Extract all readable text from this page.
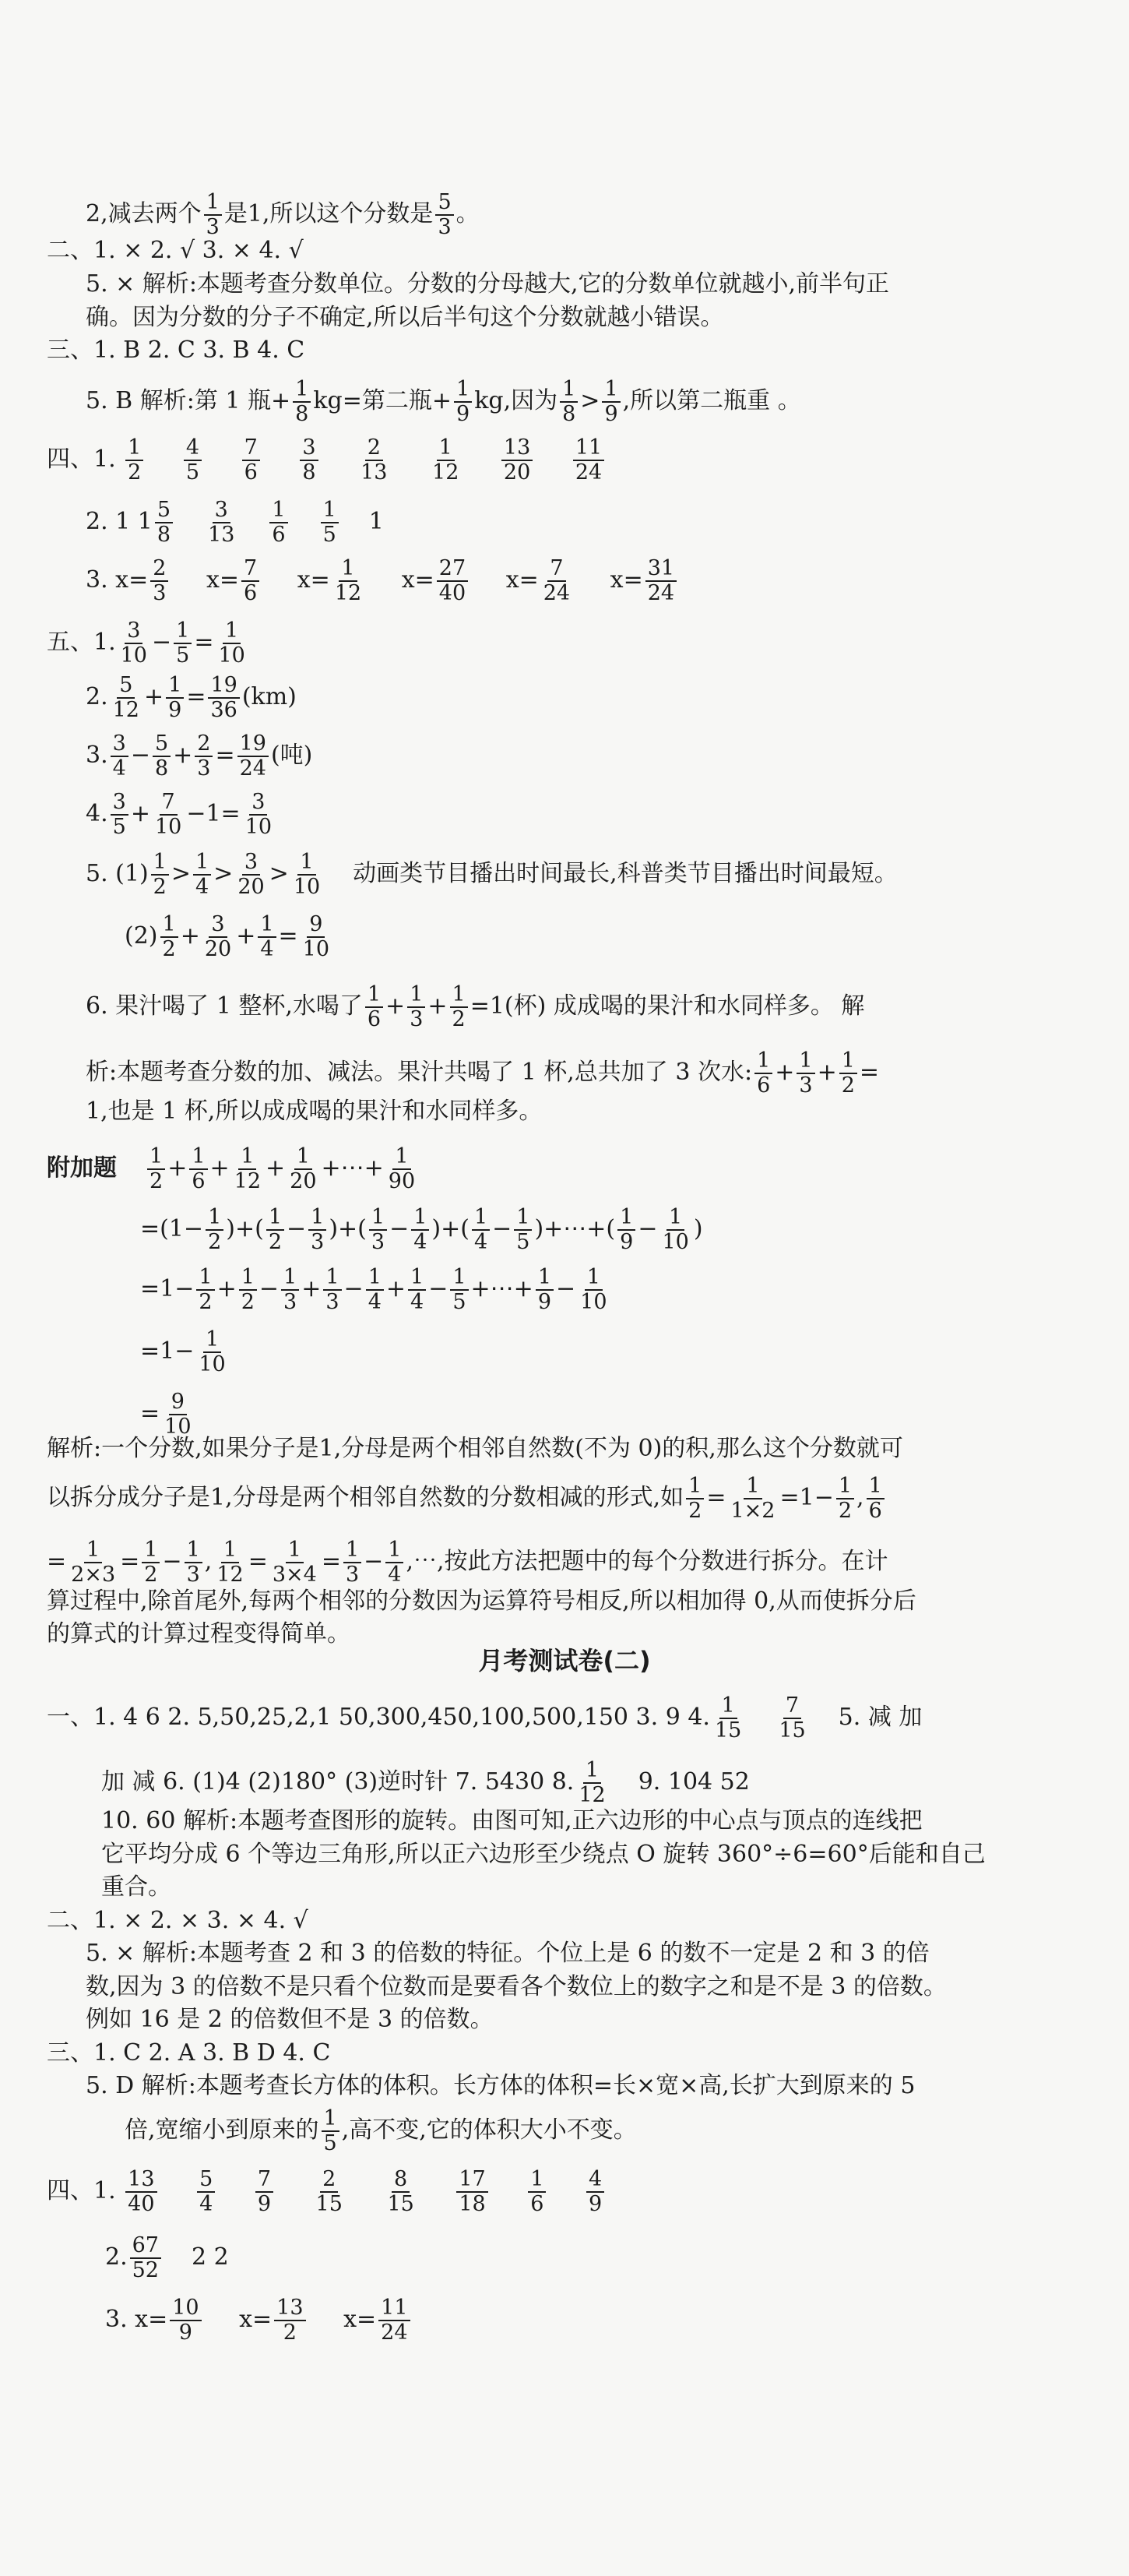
2,减去两个 $\frac{1}{3}$ 是1,所以这个分数是 $\frac{5}{3}$ 。
二、1. × 2. √ 3. × 4. √
5. × 解析:本题考查分数单位。分数的分母越大,它的分数单位就越小,前半句正
确。因为分数的分子不确定,所以后半句这个分数就越小错误。
三、1. B 2. C 3. B 4. C
5. B 解析:第 1 瓶+ $\frac{1}{8} kg=$第二瓶+ $\frac{1}{9}$ kg,因为 $\frac{1}{8} > \frac{1}{9}$ ,所以第二瓶重 。
四、1. $\frac{1}{2}$
$\frac{4}{5}$
$\frac{7}{6}$
$\frac{3}{8}$
$\frac{2}{13}$
$\frac{1}{12}$
$\frac{13}{20}$
$\frac{11}{24}$
2. 1 $1 \frac{5}{8} \frac{3}{13} \frac{1}{6} \frac{1}{5} 1$
3. $x= \frac{2}{3} x= \frac{7}{6} x= \frac{1}{12} x= \frac{27}{40} x= \frac{7}{24} x= \frac{31}{24}$
五、1. $\frac{3}{10} - \frac{1}{5} = \frac{1}{10}$
2. $\frac{5}{12} + \frac{1}{9} = \frac{19}{36} (km)$
3. $\frac{3}{4} - \frac{5}{8} + \frac{2}{3} = \frac{19}{24}$ (吨)
4. $\frac{3}{5} + \frac{7}{10} -1= \frac{3}{10}$
5. $(1) \frac{1}{2} > \frac{1}{4} > \frac{3}{20} > \frac{1}{10}$ 动画类节目播出时间最长,科普类节目播出时间最短。
$(2) \frac{1}{2} + \frac{3}{20} + \frac{1}{4} = \frac{9}{10}$
6. 果汁喝了 1 整杯,水喝了 $\frac{1}{6} + \frac{1}{3} + \frac{1}{2} =1$(杯) 成成喝的果汁和水同样多。 解
析:本题考查分数的加、减法。果汁共喝了 1 杯,总共加了 3 次水: $\frac{1}{6} + \frac{1}{3} + \frac{1}{2}$ =
1,也是 1 杯,所以成成喝的果汁和水同样多。
附加题 $\frac{1}{2} + \frac{1}{6} + \frac{1}{12} + \frac{1}{20}$ +⋯+ $\frac{1}{90}$
$=(1- \frac{1}{2}$ )+( $\frac{1}{2} - \frac{1}{3}$ )+( $\frac{1}{3} - \frac{1}{4}$ )+( $\frac{1}{4} - \frac{1}{5}$ )+⋯+( $\frac{1}{9} - \frac{1}{10}$ )
$=1- \frac{1}{2} + \frac{1}{2} - \frac{1}{3} + \frac{1}{3} - \frac{1}{4} + \frac{1}{4} - \frac{1}{5}$ +⋯+ $\frac{1}{9} - \frac{1}{10}$
$=1- \frac{1}{10}$
= $\frac{9}{10}$
解析:一个分数,如果分子是1,分母是两个相邻自然数(不为 0)的积,那么这个分数就可
以拆分成分子是1,分母是两个相邻自然数的分数相减的形式,如 $\frac{1}{2} = \frac{1}{1\times 2} =1- \frac{1}{2}$ , $\frac{1}{6}$
= $\frac{1}{2\times 3} = \frac{1}{2} - \frac{1}{3}$ , $\frac{1}{12} = \frac{1}{3\times 4} = \frac{1}{3} - \frac{1}{4}$ ,⋯,按此方法把题中的每个分数进行拆分。在计
算过程中,除首尾外,每两个相邻的分数因为运算符号相反,所以相加得 0,从而使拆分后
的算式的计算过程变得简单。
月考测试卷(二)
一、1. 4 6 2. 5,50,25,2,1 50,300,450,100,500,150 3. 9 4. $\frac{1}{15} \frac{7}{15} 5$. 减 加
加 减 6. (1)4 (2)180° (3)逆时针 7. 5430 8. $\frac{1}{12} 9$. 104 52
10. 60 解析:本题考查图形的旋转。由图可知,正六边形的中心点与顶点的连线把
它平均分成 6 个等边三角形,所以正六边形至少绕点 O 旋转 360°÷6=60°后能和自己
重合。
二、1. × 2. × 3. × 4. √
5. × 解析:本题考查 2 和 3 的倍数的特征。个位上是 6 的数不一定是 2 和 3 的倍
数,因为 3 的倍数不是只看个位数而是要看各个数位上的数字之和是不是 3 的倍数。
例如 16 是 2 的倍数但不是 3 的倍数。
三、1. C 2. A 3. B D 4. C
5. D 解析:本题考查长方体的体积。长方体的体积=长×宽×高,长扩大到原来的 5
倍,宽缩小到原来的 $\frac{1}{5}$ ,高不变,它的体积大小不变。
四、1. $\frac{13}{40}$
$\frac{5}{4}$
$\frac{7}{9}$
$\frac{2}{15}$
$\frac{8}{15}$
$\frac{17}{18}$
$\frac{1}{6}$
$\frac{4}{9}$
2. $\frac{67}{52} 2$ 2
3. $x= \frac{10}{9} x= \frac{13}{2} x= \frac{11}{24}$
